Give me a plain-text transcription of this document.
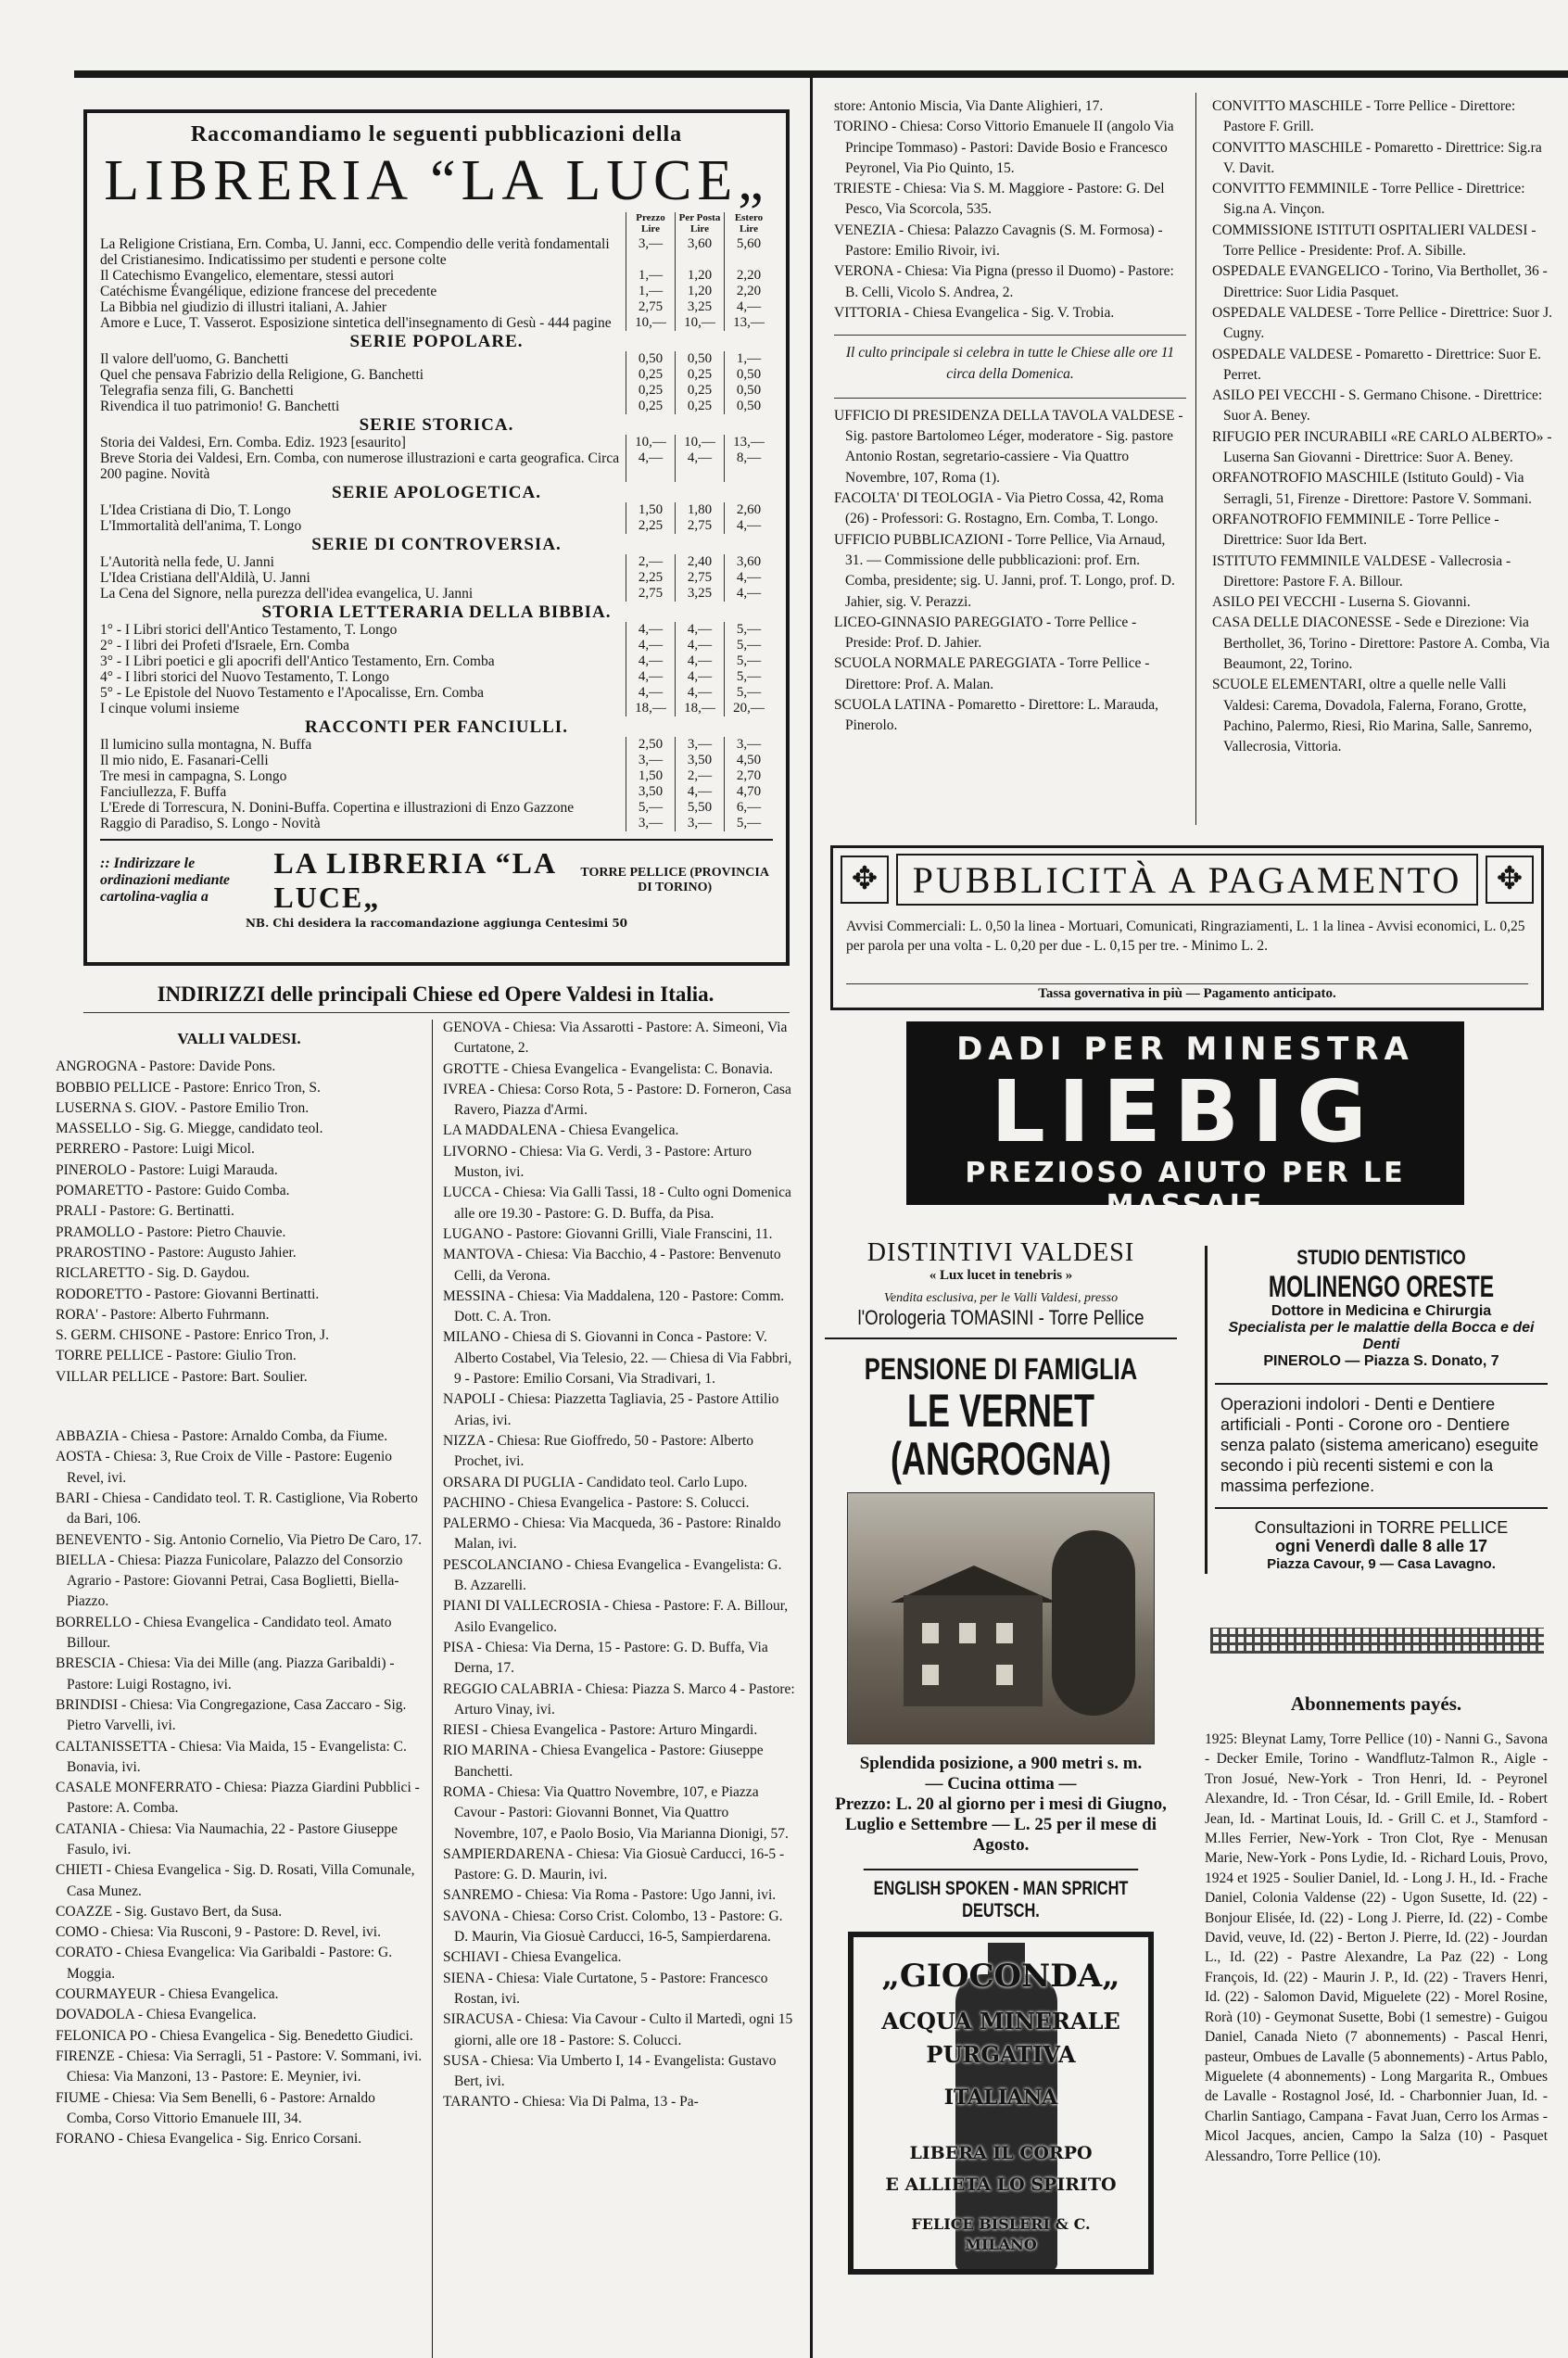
Raccomandiamo le seguenti pubblicazioni della
LIBRERIA “LA LUCE„
	Prezzo Lire	Per Posta Lire	Estero Lire
La Religione Cristiana, Ern. Comba, U. Janni, ecc. Compendio delle verità fondamentali del Cristianesimo. Indicatissimo per studenti e persone colte	3,—	3,60	5,60
Il Catechismo Evangelico, elementare, stessi autori	1,—	1,20	2,20
Catéchisme Évangélique, edizione francese del precedente	1,—	1,20	2,20
La Bibbia nel giudizio di illustri italiani, A. Jahier	2,75	3,25	4,—
Amore e Luce, T. Vasserot. Esposizione sintetica dell'insegnamento di Gesù - 444 pagine	10,—	10,—	13,—
SERIE POPOLARE.			
Il valore dell'uomo, G. Banchetti	0,50	0,50	1,—
Quel che pensava Fabrizio della Religione, G. Banchetti	0,25	0,25	0,50
Telegrafia senza fili, G. Banchetti	0,25	0,25	0,50
Rivendica il tuo patrimonio! G. Banchetti	0,25	0,25	0,50
SERIE STORICA.			
Storia dei Valdesi, Ern. Comba. Ediz. 1923 [esaurito]	10,—	10,—	13,—
Breve Storia dei Valdesi, Ern. Comba, con numerose illustrazioni e carta geografica. Circa 200 pagine. Novità	4,—	4,—	8,—
SERIE APOLOGETICA.			
L'Idea Cristiana di Dio, T. Longo	1,50	1,80	2,60
L'Immortalità dell'anima, T. Longo	2,25	2,75	4,—
SERIE DI CONTROVERSIA.			
L'Autorità nella fede, U. Janni	2,—	2,40	3,60
L'Idea Cristiana dell'Aldilà, U. Janni	2,25	2,75	4,—
La Cena del Signore, nella purezza dell'idea evangelica, U. Janni	2,75	3,25	4,—
STORIA LETTERARIA DELLA BIBBIA.			
1° - I Libri storici dell'Antico Testamento, T. Longo	4,—	4,—	5,—
2° - I libri dei Profeti d'Israele, Ern. Comba	4,—	4,—	5,—
3° - I Libri poetici e gli apocrifi dell'Antico Testamento, Ern. Comba	4,—	4,—	5,—
4° - I libri storici del Nuovo Testamento, T. Longo	4,—	4,—	5,—
5° - Le Epistole del Nuovo Testamento e l'Apocalisse, Ern. Comba	4,—	4,—	5,—
I cinque volumi insieme	18,—	18,—	20,—
RACCONTI PER FANCIULLI.			
Il lumicino sulla montagna, N. Buffa	2,50	3,—	3,—
Il mio nido, E. Fasanari-Celli	3,—	3,50	4,50
Tre mesi in campagna, S. Longo	1,50	2,—	2,70
Fanciullezza, F. Buffa	3,50	4,—	4,70
L'Erede di Torrescura, N. Donini-Buffa. Copertina e illustrazioni di Enzo Gazzone	5,—	5,50	6,—
Raggio di Paradiso, S. Longo - Novità	3,—	3,—	5,—
:: Indirizzare le ordinazioni mediante cartolina-vaglia a
LA LIBRERIA “LA LUCE„
TORRE PELLICE (PROVINCIA DI TORINO)
NB. Chi desidera la raccomandazione aggiunga Centesimi 50
INDIRIZZI delle principali Chiese ed Opere Valdesi in Italia.
VALLI VALDESI.

ANGROGNA - Pastore: Davide Pons.

BOBBIO PELLICE - Pastore: Enrico Tron, S.

LUSERNA S. GIOV. - Pastore Emilio Tron.

MASSELLO - Sig. G. Miegge, candidato teol.

PERRERO - Pastore: Luigi Micol.

PINEROLO - Pastore: Luigi Marauda.

POMARETTO - Pastore: Guido Comba.

PRALI - Pastore: G. Bertinatti.

PRAMOLLO - Pastore: Pietro Chauvie.

PRAROSTINO - Pastore: Augusto Jahier.

RICLARETTO - Sig. D. Gaydou.

RODORETTO - Pastore: Giovanni Bertinatti.

RORA' - Pastore: Alberto Fuhrmann.

S. GERM. CHISONE - Pastore: Enrico Tron, J.

TORRE PELLICE - Pastore: Giulio Tron.

VILLAR PELLICE - Pastore: Bart. Soulier.

ABBAZIA - Chiesa - Pastore: Arnaldo Comba, da Fiume.

AOSTA - Chiesa: 3, Rue Croix de Ville - Pastore: Eugenio Revel, ivi.

BARI - Chiesa - Candidato teol. T. R. Castiglione, Via Roberto da Bari, 106.

BENEVENTO - Sig. Antonio Cornelio, Via Pietro De Caro, 17.

BIELLA - Chiesa: Piazza Funicolare, Palazzo del Consorzio Agrario - Pastore: Giovanni Petrai, Casa Boglietti, Biella-Piazzo.

BORRELLO - Chiesa Evangelica - Candidato teol. Amato Billour.

BRESCIA - Chiesa: Via dei Mille (ang. Piazza Garibaldi) - Pastore: Luigi Rostagno, ivi.

BRINDISI - Chiesa: Via Congregazione, Casa Zaccaro - Sig. Pietro Varvelli, ivi.

CALTANISSETTA - Chiesa: Via Maida, 15 - Evangelista: C. Bonavia, ivi.

CASALE MONFERRATO - Chiesa: Piazza Giardini Pubblici - Pastore: A. Comba.

CATANIA - Chiesa: Via Naumachia, 22 - Pastore Giuseppe Fasulo, ivi.

CHIETI - Chiesa Evangelica - Sig. D. Rosati, Villa Comunale, Casa Munez.

COAZZE - Sig. Gustavo Bert, da Susa.

COMO - Chiesa: Via Rusconi, 9 - Pastore: D. Revel, ivi.

CORATO - Chiesa Evangelica: Via Garibaldi - Pastore: G. Moggia.

COURMAYEUR - Chiesa Evangelica.

DOVADOLA - Chiesa Evangelica.

FELONICA PO - Chiesa Evangelica - Sig. Benedetto Giudici.

FIRENZE - Chiesa: Via Serragli, 51 - Pastore: V. Sommani, ivi. Chiesa: Via Manzoni, 13 - Pastore: E. Meynier, ivi.

FIUME - Chiesa: Via Sem Benelli, 6 - Pastore: Arnaldo Comba, Corso Vittorio Emanuele III, 34.

FORANO - Chiesa Evangelica - Sig. Enrico Corsani.

GENOVA - Chiesa: Via Assarotti - Pastore: A. Simeoni, Via Curtatone, 2.

GROTTE - Chiesa Evangelica - Evangelista: C. Bonavia.

IVREA - Chiesa: Corso Rota, 5 - Pastore: D. Forneron, Casa Ravero, Piazza d'Armi.

LA MADDALENA - Chiesa Evangelica.

LIVORNO - Chiesa: Via G. Verdi, 3 - Pastore: Arturo Muston, ivi.

LUCCA - Chiesa: Via Galli Tassi, 18 - Culto ogni Domenica alle ore 19.30 - Pastore: G. D. Buffa, da Pisa.

LUGANO - Pastore: Giovanni Grilli, Viale Franscini, 11.

MANTOVA - Chiesa: Via Bacchio, 4 - Pastore: Benvenuto Celli, da Verona.

MESSINA - Chiesa: Via Maddalena, 120 - Pastore: Comm. Dott. C. A. Tron.

MILANO - Chiesa di S. Giovanni in Conca - Pastore: V. Alberto Costabel, Via Telesio, 22. — Chiesa di Via Fabbri, 9 - Pastore: Emilio Corsani, Via Stradivari, 1.

NAPOLI - Chiesa: Piazzetta Tagliavia, 25 - Pastore Attilio Arias, ivi.

NIZZA - Chiesa: Rue Gioffredo, 50 - Pastore: Alberto Prochet, ivi.

ORSARA DI PUGLIA - Candidato teol. Carlo Lupo.

PACHINO - Chiesa Evangelica - Pastore: S. Colucci.

PALERMO - Chiesa: Via Macqueda, 36 - Pastore: Rinaldo Malan, ivi.

PESCOLANCIANO - Chiesa Evangelica - Evangelista: G. B. Azzarelli.

PIANI DI VALLECROSIA - Chiesa - Pastore: F. A. Billour, Asilo Evangelico.

PISA - Chiesa: Via Derna, 15 - Pastore: G. D. Buffa, Via Derna, 17.

REGGIO CALABRIA - Chiesa: Piazza S. Marco 4 - Pastore: Arturo Vinay, ivi.

RIESI - Chiesa Evangelica - Pastore: Arturo Mingardi.

RIO MARINA - Chiesa Evangelica - Pastore: Giuseppe Banchetti.

ROMA - Chiesa: Via Quattro Novembre, 107, e Piazza Cavour - Pastori: Giovanni Bonnet, Via Quattro Novembre, 107, e Paolo Bosio, Via Marianna Dionigi, 57.

SAMPIERDARENA - Chiesa: Via Giosuè Carducci, 16-5 - Pastore: G. D. Maurin, ivi.

SANREMO - Chiesa: Via Roma - Pastore: Ugo Janni, ivi.

SAVONA - Chiesa: Corso Crist. Colombo, 13 - Pastore: G. D. Maurin, Via Giosuè Carducci, 16-5, Sampierdarena.

SCHIAVI - Chiesa Evangelica.

SIENA - Chiesa: Viale Curtatone, 5 - Pastore: Francesco Rostan, ivi.

SIRACUSA - Chiesa: Via Cavour - Culto il Martedì, ogni 15 giorni, alle ore 18 - Pastore: S. Colucci.

SUSA - Chiesa: Via Umberto I, 14 - Evangelista: Gustavo Bert, ivi.

TARANTO - Chiesa: Via Di Palma, 13 - Pa-

store: Antonio Miscia, Via Dante Alighieri, 17.

TORINO - Chiesa: Corso Vittorio Emanuele II (angolo Via Principe Tommaso) - Pastori: Davide Bosio e Francesco Peyronel, Via Pio Quinto, 15.

TRIESTE - Chiesa: Via S. M. Maggiore - Pastore: G. Del Pesco, Via Scorcola, 535.

VENEZIA - Chiesa: Palazzo Cavagnis (S. M. Formosa) - Pastore: Emilio Rivoir, ivi.

VERONA - Chiesa: Via Pigna (presso il Duomo) - Pastore: B. Celli, Vicolo S. Andrea, 2.

VITTORIA - Chiesa Evangelica - Sig. V. Trobia.

Il culto principale si celebra in tutte le Chiese alle ore 11 circa della Domenica.

UFFICIO DI PRESIDENZA DELLA TAVOLA VALDESE - Sig. pastore Bartolomeo Léger, moderatore - Sig. pastore Antonio Rostan, segretario-cassiere - Via Quattro Novembre, 107, Roma (1).

FACOLTA' DI TEOLOGIA - Via Pietro Cossa, 42, Roma (26) - Professori: G. Rostagno, Ern. Comba, T. Longo.

UFFICIO PUBBLICAZIONI - Torre Pellice, Via Arnaud, 31. — Commissione delle pubblicazioni: prof. Ern. Comba, presidente; sig. U. Janni, prof. T. Longo, prof. D. Jahier, sig. V. Perazzi.

LICEO-GINNASIO PAREGGIATO - Torre Pellice - Preside: Prof. D. Jahier.

SCUOLA NORMALE PAREGGIATA - Torre Pellice - Direttore: Prof. A. Malan.

SCUOLA LATINA - Pomaretto - Direttore: L. Marauda, Pinerolo.

CONVITTO MASCHILE - Torre Pellice - Direttore: Pastore F. Grill.

CONVITTO MASCHILE - Pomaretto - Direttrice: Sig.ra V. Davit.

CONVITTO FEMMINILE - Torre Pellice - Direttrice: Sig.na A. Vinçon.

COMMISSIONE ISTITUTI OSPITALIERI VALDESI - Torre Pellice - Presidente: Prof. A. Sibille.

OSPEDALE EVANGELICO - Torino, Via Berthollet, 36 - Direttrice: Suor Lidia Pasquet.

OSPEDALE VALDESE - Torre Pellice - Direttrice: Suor J. Cugny.

OSPEDALE VALDESE - Pomaretto - Direttrice: Suor E. Perret.

ASILO PEI VECCHI - S. Germano Chisone. - Direttrice: Suor A. Beney.

RIFUGIO PER INCURABILI «RE CARLO ALBERTO» - Luserna San Giovanni - Direttrice: Suor A. Beney.

ORFANOTROFIO MASCHILE (Istituto Gould) - Via Serragli, 51, Firenze - Direttore: Pastore V. Sommani.

ORFANOTROFIO FEMMINILE - Torre Pellice - Direttrice: Suor Ida Bert.

ISTITUTO FEMMINILE VALDESE - Vallecrosia - Direttore: Pastore F. A. Billour.

ASILO PEI VECCHI - Luserna S. Giovanni.

CASA DELLE DIACONESSE - Sede e Direzione: Via Berthollet, 36, Torino - Direttore: Pastore A. Comba, Via Beaumont, 22, Torino.

SCUOLE ELEMENTARI, oltre a quelle nelle Valli Valdesi: Carema, Dovadola, Falerna, Forano, Grotte, Pachino, Palermo, Riesi, Rio Marina, Salle, Sanremo, Vallecrosia, Vittoria.

✥ PUBBLICITÀ A PAGAMENTO	✥
Avvisi Commerciali: L. 0,50 la linea - Mortuari, Comunicati, Ringraziamenti, L. 1 la linea - Avvisi economici, L. 0,25 per parola per una volta - L. 0,20 per due - L. 0,15 per tre. - Minimo L. 2.
Tassa governativa in più — Pagamento anticipato.
DADI PER MINESTRA
LIEBIG
PREZIOSO AIUTO PER LE MASSAIE
DISTINTIVI VALDESI
« Lux lucet in tenebris »
Vendita esclusiva, per le Valli Valdesi, presso
l'Orologeria TOMASINI - Torre Pellice
PENSIONE DI FAMIGLIA
LE VERNET (ANGROGNA)
Splendida posizione, a 900 metri s. m.
— Cucina ottima —
Prezzo: L. 20 al giorno per i mesi di Giugno, Luglio e Settembre — L. 25 per il mese di Agosto.
ENGLISH SPOKEN - MAN SPRICHT DEUTSCH.
„GIOCONDA„
ACQUA MINERALE
PURGATIVA
ITALIANA
LIBERA IL CORPO
E ALLIETA LO SPIRITO
FELICE BISLERI & C.
MILANO
STUDIO DENTISTICO
MOLINENGO ORESTE
Dottore in Medicina e Chirurgia
Specialista per le malattie della Bocca e dei Denti
PINEROLO — Piazza S. Donato, 7
Operazioni indolori - Denti e Dentiere artificiali - Ponti - Corone oro - Dentiere senza palato (sistema americano) eseguite secondo i più recenti sistemi e con la massima perfezione.
Consultazioni in TORRE PELLICE
ogni Venerdì dalle 8 alle 17
Piazza Cavour, 9 — Casa Lavagno.
Abonnements payés.
1925: Bleynat Lamy, Torre Pellice (10) - Nanni G., Savona - Decker Emile, Torino - Wandflutz-Talmon R., Aigle - Tron Josué, New-York - Tron Henri, Id. - Peyronel Alexandre, Id. - Tron César, Id. - Grill Emile, Id. - Robert Jean, Id. - Martinat Louis, Id. - Grill C. et J., Stamford - M.lles Ferrier, New-York - Tron Clot, Rye - Menusan Marie, New-York - Pons Lydie, Id. - Richard Louis, Provo, 1924 et 1925 - Soulier Daniel, Id. - Long J. H., Id. - Frache Daniel, Colonia Valdense (22) - Ugon Susette, Id. (22) - Bonjour Elisée, Id. (22) - Long J. Pierre, Id. (22) - Combe David, veuve, Id. (22) - Berton J. Pierre, Id. (22) - Jourdan L., Id. (22) - Pastre Alexandre, La Paz (22) - Long François, Id. (22) - Maurin J. P., Id. (22) - Travers Henri, Id. (22) - Salomon David, Miguelete (22) - Morel Rosine, Rorà (10) - Geymonat Susette, Bobi (1 semestre) - Guigou Daniel, Canada Nieto (7 abonnements) - Pascal Henri, pasteur, Ombues de Lavalle (5 abonnements) - Artus Pablo, Miguelete (4 abonnements) - Long Margarita R., Ombues de Lavalle - Rostagnol José, Id. - Charbonnier Juan, Id. - Charlin Santiago, Campana - Favat Juan, Cerro los Armas - Micol Jacques, ancien, Campo la Salza (10) - Pasquet Alessandro, Torre Pellice (10).
